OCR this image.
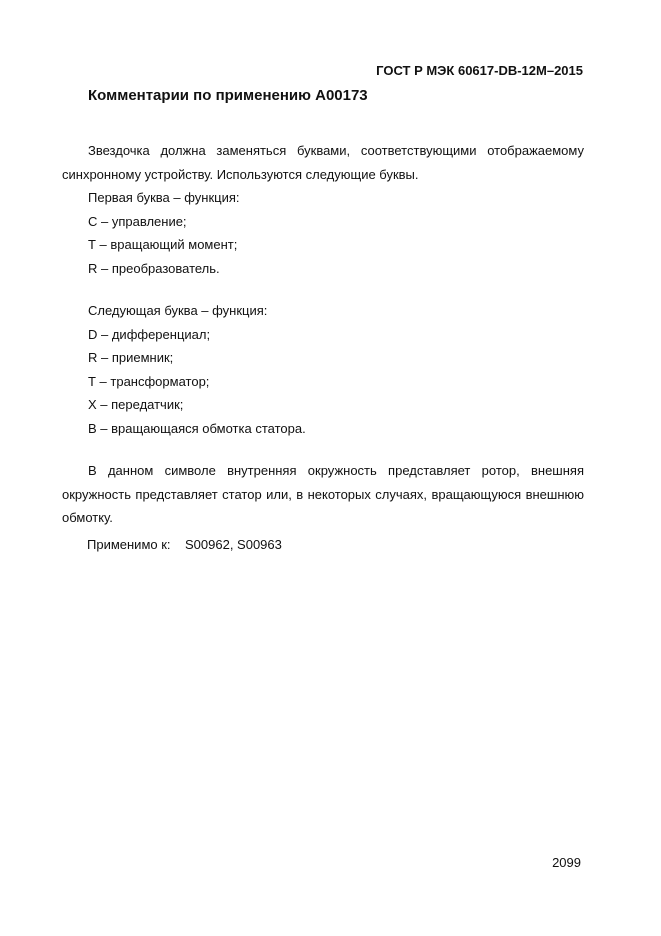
ГОСТ Р МЭК 60617-DB-12M–2015
Комментарии по применению А00173

Звездочка должна заменяться буквами, соответствующими отображаемому синхронному устройству. Используются следующие буквы.

Первая буква – функция:

С – управление;

Т – вращающий момент;

R – преобразователь.

Следующая буква – функция:

D – дифференциал;

R – приемник;

Т – трансформатор;

Х – передатчик;

В – вращающаяся обмотка статора.

В данном символе внутренняя окружность представляет ротор, внешняя окружность представляет статор или, в некоторых случаях, вращающуюся внешнюю обмотку.

Применимо к: S00962, S00963
2099
